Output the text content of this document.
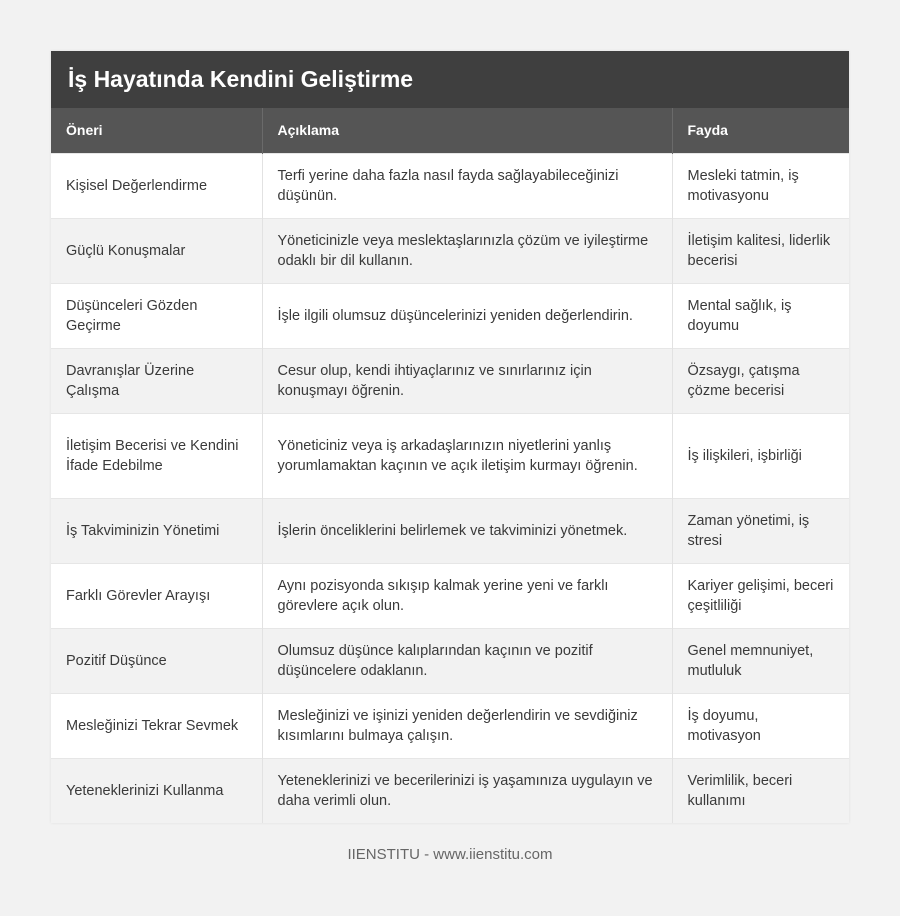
İş Hayatında Kendini Geliştirme
Öneri	Açıklama	Fayda
Kişisel Değerlendirme	Terfi yerine daha fazla nasıl fayda sağlayabileceğinizi düşünün.	Mesleki tatmin, iş motivasyonu
Güçlü Konuşmalar	Yöneticinizle veya meslektaşlarınızla çözüm ve iyileştirme odaklı bir dil kullanın.	İletişim kalitesi, liderlik becerisi
Düşünceleri Gözden Geçirme	İşle ilgili olumsuz düşüncelerinizi yeniden değerlendirin.	Mental sağlık, iş doyumu
Davranışlar Üzerine Çalışma	Cesur olup, kendi ihtiyaçlarınız ve sınırlarınız için konuşmayı öğrenin.	Özsaygı, çatışma çözme becerisi
İletişim Becerisi ve Kendini İfade Edebilme	Yöneticiniz veya iş arkadaşlarınızın niyetlerini yanlış yorumlamaktan kaçının ve açık iletişim kurmayı öğrenin.	İş ilişkileri, işbirliği
İş Takviminizin Yönetimi	İşlerin önceliklerini belirlemek ve takviminizi yönetmek.	Zaman yönetimi, iş stresi
Farklı Görevler Arayışı	Aynı pozisyonda sıkışıp kalmak yerine yeni ve farklı görevlere açık olun.	Kariyer gelişimi, beceri çeşitliliği
Pozitif Düşünce	Olumsuz düşünce kalıplarından kaçının ve pozitif düşüncelere odaklanın.	Genel memnuniyet, mutluluk
Mesleğinizi Tekrar Sevmek	Mesleğinizi ve işinizi yeniden değerlendirin ve sevdiğiniz kısımlarını bulmaya çalışın.	İş doyumu, motivasyon
Yeteneklerinizi Kullanma	Yeteneklerinizi ve becerilerinizi iş yaşamınıza uygulayın ve daha verimli olun.	Verimlilik, beceri kullanımı
IIENSTITU - www.iienstitu.com
